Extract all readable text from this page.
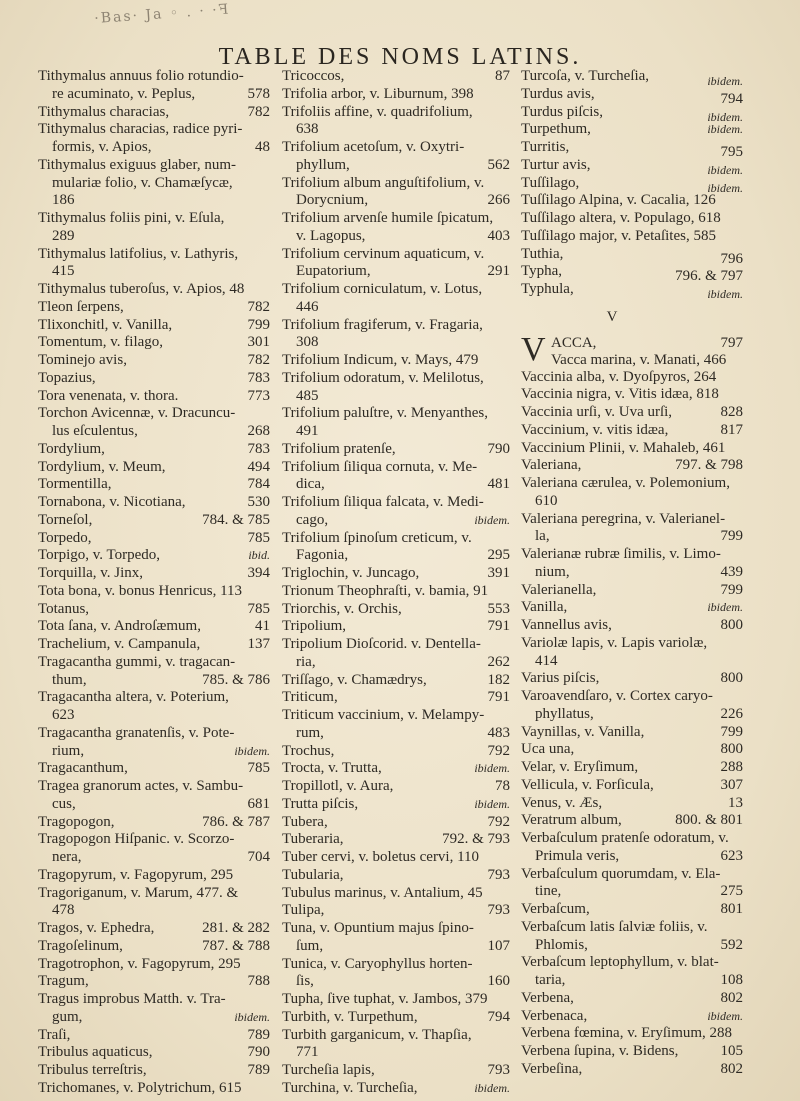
·Bas· Ja ◦ . · ·ꟻ
TABLE DES NOMS LATINS.
Tithymalus annuus folio rotundio-
re acuminato, v. Peplus,	578
Tithymalus characias,	782
Tithymalus characias, radice pyri-
formis, v. Apios,	48
Tithymalus exiguus glaber, num-
mulariæ folio, v. Chamæſycæ,
186
Tithymalus foliis pini, v. Eſula,
289
Tithymalus latifolius, v. Lathyris,
415
Tithymalus tuberoſus, v. Apios, 48
Tleon ſerpens,	782
Tlixonchitl, v. Vanilla,	799
Tomentum, v. filago,	301
Tominejo avis,	782
Topazius,	783
Tora venenata, v. thora.	773
Torchon Avicennæ, v. Dracuncu-
lus eſculentus,	268
Tordylium,	783
Tordylium, v. Meum,	494
Tormentilla,	784
Tornabona, v. Nicotiana,	530
Torneſol,	784. & 785
Torpedo,	785
Torpigo, v. Torpedo,	ibid.
Torquilla, v. Jinx,	394
Tota bona, v. bonus Henricus, 113
Totanus,	785
Tota ſana, v. Androſæmum,	41
Trachelium, v. Campanula,	137
Tragacantha gummi, v. tragacan-
thum,	785. & 786
Tragacantha altera, v. Poterium,
623
Tragacantha granatenſis, v. Pote-
rium,	ibidem.
Tragacanthum,	785
Tragea granorum actes, v. Sambu-
cus,	681
Tragopogon,	786. & 787
Tragopogon Hiſpanic. v. Scorzo-
nera,	704
Tragopyrum, v. Fagopyrum, 295
Tragoriganum, v. Marum, 477. &
478
Tragos, v. Ephedra,	281. & 282
Tragoſelinum,	787. & 788
Tragotrophon, v. Fagopyrum, 295
Tragum,	788
Tragus improbus Matth. v. Tra-
gum,	ibidem.
Traſi,	789
Tribulus aquaticus,	790
Tribulus terreſtris,	789
Trichomanes, v. Polytrichum, 615
Tricoccos,	87
Trifolia arbor, v. Liburnum, 398
Trifoliis affine, v. quadrifolium,
638
Trifolium acetoſum, v. Oxytri-
phyllum,	562
Trifolium album anguſtifolium, v.
Dorycnium,	266
Trifolium arvenſe humile ſpicatum,
v. Lagopus,	403
Trifolium cervinum aquaticum, v.
Eupatorium,	291
Trifolium corniculatum, v. Lotus,
446
Trifolium fragiferum, v. Fragaria,
308
Trifolium Indicum, v. Mays, 479
Trifolium odoratum, v. Melilotus,
485
Trifolium paluſtre, v. Menyanthes,
491
Trifolium pratenſe,	790
Trifolium ſiliqua cornuta, v. Me-
dica,	481
Trifolium ſiliqua falcata, v. Medi-
cago,	ibidem.
Trifolium ſpinoſum creticum, v.
Fagonia,	295
Triglochin, v. Juncago,	391
Trionum Theophraſti, v. bamia, 91
Triorchis, v. Orchis,	553
Tripolium,	791
Tripolium Dioſcorid. v. Dentella-
ria,	262
Triſſago, v. Chamædrys,	182
Triticum,	791
Triticum vaccinium, v. Melampy-
rum,	483
Trochus,	792
Trocta, v. Trutta,	ibidem.
Tropillotl, v. Aura,	78
Trutta piſcis,	ibidem.
Tubera,	792
Tuberaria,	792. & 793
Tuber cervi, v. boletus cervi, 110
Tubularia,	793
Tubulus marinus, v. Antalium, 45
Tulipa,	793
Tuna, v. Opuntium majus ſpino-
ſum,	107
Tunica, v. Caryophyllus horten-
ſis,	160
Tupha, ſive tuphat, v. Jambos, 379
Turbith, v. Turpethum,	794
Turbith garganicum, v. Thapſia,
771
Turcheſia lapis,	793
Turchina, v. Turcheſia,	ibidem.
Turcoſa, v. Turcheſia,	ibidem.
Turdus avis,	794
Turdus piſcis,	ibidem.
Turpethum,	ibidem.
Turritis,	795
Turtur avis,	ibidem.
Tuſſilago,	ibidem.
Tuſſilago Alpina, v. Cacalia, 126
Tuſſilago altera, v. Populago, 618
Tuſſilago major, v. Petaſites, 585
Tuthia,	796
Typha,	796. & 797
Typhula,	ibidem.
V
V ACCA,	797
Vacca marina, v. Manati, 466
Vaccinia alba, v. Dyoſpyros, 264
Vaccinia nigra, v. Vitis idæa, 818
Vaccinia urſi, v. Uva urſi,	828
Vaccinium, v. vitis idæa,	817
Vaccinium Plinii, v. Mahaleb, 461
Valeriana,	797. & 798
Valeriana cærulea, v. Polemonium,
610
Valeriana peregrina, v. Valerianel-
la,	799
Valerianæ rubræ ſimilis, v. Limo-
nium,	439
Valerianella,	799
Vanilla,	ibidem.
Vannellus avis,	800
Variolæ lapis, v. Lapis variolæ,
414
Varius piſcis,	800
Varoavendſaro, v. Cortex caryo-
phyllatus,	226
Vaynillas, v. Vanilla,	799
Uca una,	800
Velar, v. Eryſimum,	288
Vellicula, v. Forſicula,	307
Venus, v. Æs,	13
Veratrum album,	800. & 801
Verbaſculum pratenſe odoratum, v.
Primula veris,	623
Verbaſculum quorumdam, v. Ela-
tine,	275
Verbaſcum,	801
Verbaſcum latis ſalviæ foliis, v.
Phlomis,	592
Verbaſcum leptophyllum, v. blat-
taria,	108
Verbena,	802
Verbenaca,	ibidem.
Verbena fœmina, v. Eryſimum, 288
Verbena ſupina, v. Bidens,	105
Verbeſina,	802
